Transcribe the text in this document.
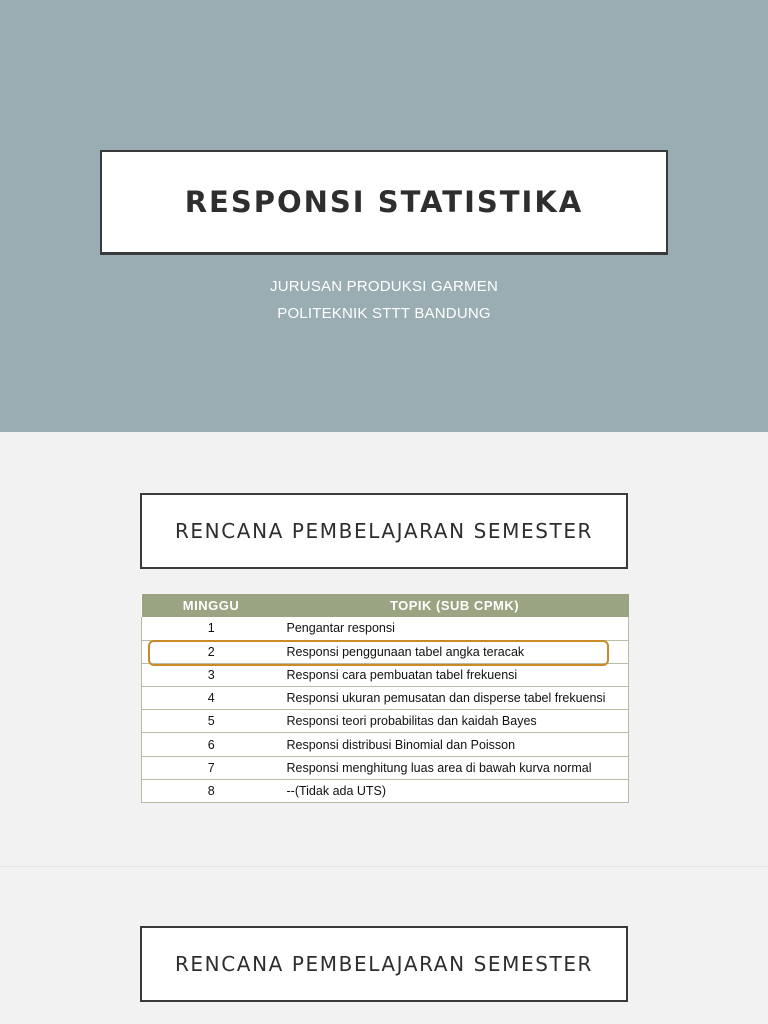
RESPONSI STATISTIKA
JURUSAN PRODUKSI GARMEN
POLITEKNIK STTT BANDUNG
RENCANA PEMBELAJARAN SEMESTER
MINGGU	TOPIK (SUB CPMK)
1	Pengantar responsi
2	Responsi penggunaan tabel angka teracak
3	Responsi cara pembuatan tabel frekuensi
4	Responsi ukuran pemusatan dan disperse tabel frekuensi
5	Responsi teori probabilitas dan kaidah Bayes
6	Responsi distribusi Binomial dan Poisson
7	Responsi menghitung luas area di bawah kurva normal
8	--(Tidak ada UTS)
RENCANA PEMBELAJARAN SEMESTER
